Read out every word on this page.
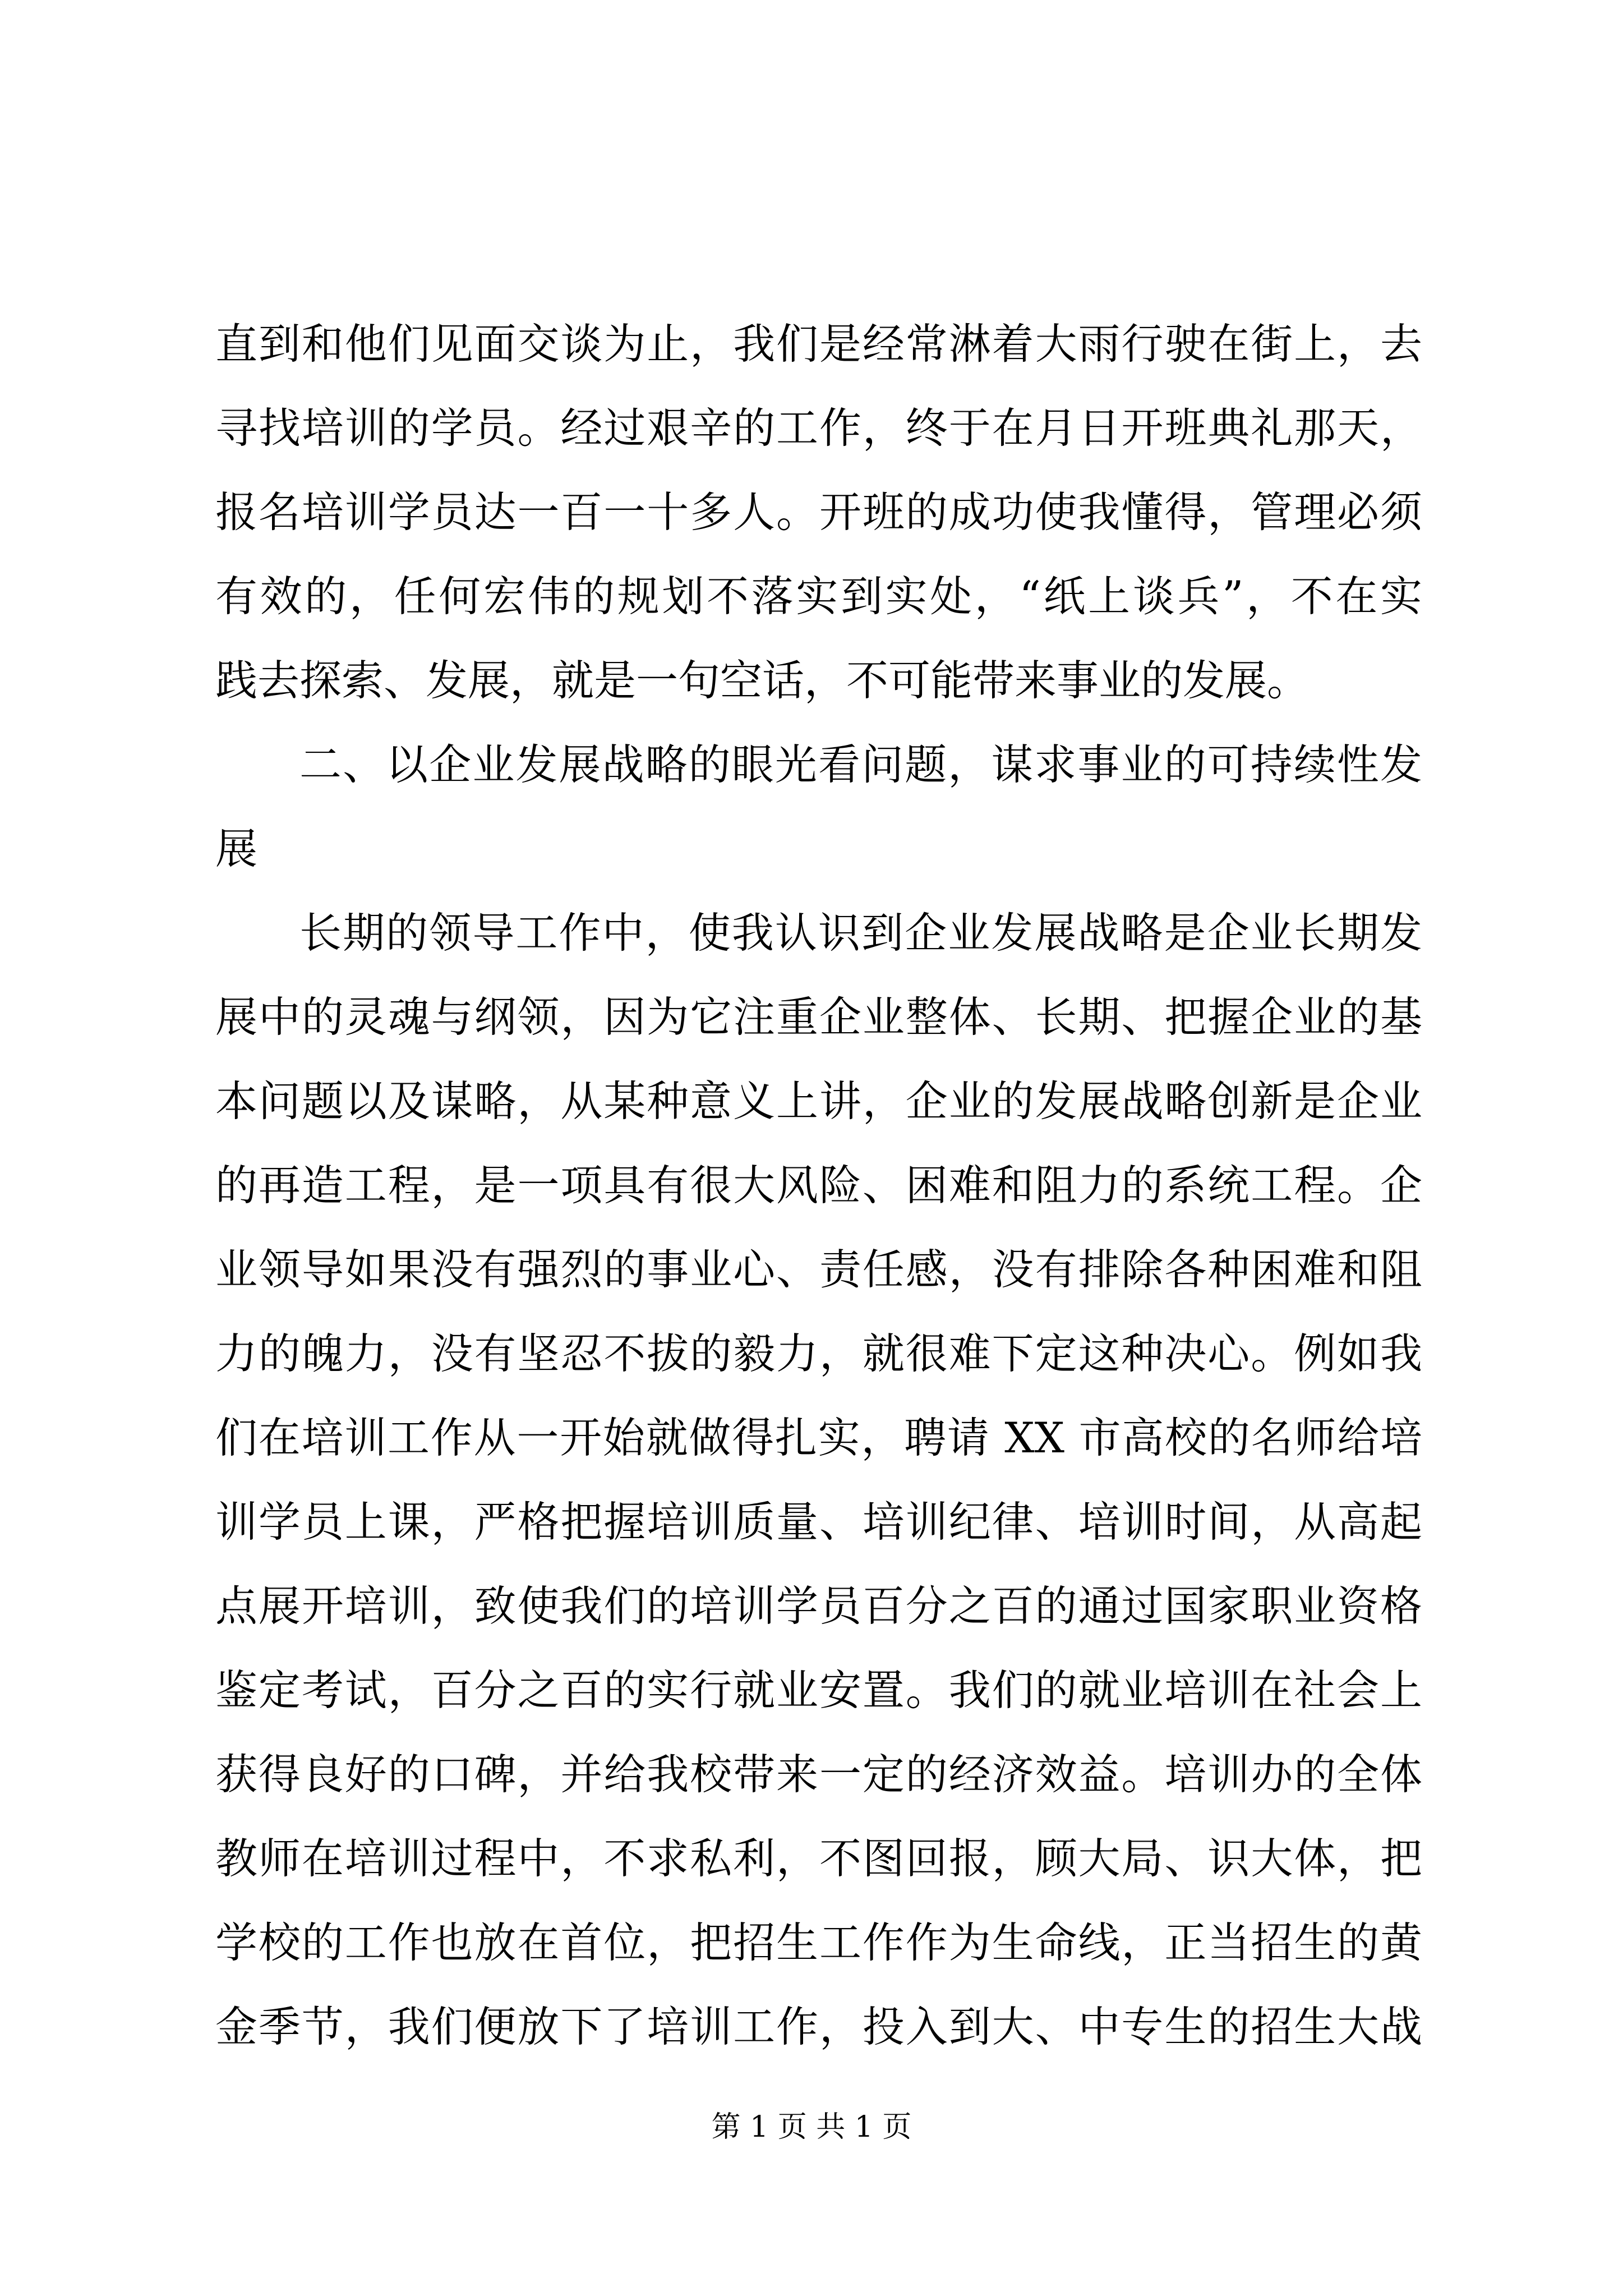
直到和他们见面交谈为止，我们是经常淋着大雨行驶在街上，去
寻找培训的学员。经过艰辛的工作，终于在月日开班典礼那天，
报名培训学员达一百一十多人。开班的成功使我懂得，管理必须
有效的，任何宏伟的规划不落实到实处，“纸上谈兵”，不在实
践去探索、发展，就是一句空话，不可能带来事业的发展。
二、以企业发展战略的眼光看问题，谋求事业的可持续性发
展
长期的领导工作中，使我认识到企业发展战略是企业长期发
展中的灵魂与纲领，因为它注重企业整体、长期、把握企业的基
本问题以及谋略，从某种意义上讲，企业的发展战略创新是企业
的再造工程，是一项具有很大风险、困难和阻力的系统工程。企
业领导如果没有强烈的事业心、责任感，没有排除各种困难和阻
力的魄力，没有坚忍不拔的毅力，就很难下定这种决心。例如我
们在培训工作从一开始就做得扎实，聘请 XX 市高校的名师给培
训学员上课，严格把握培训质量、培训纪律、培训时间，从高起
点展开培训，致使我们的培训学员百分之百的通过国家职业资格
鉴定考试，百分之百的实行就业安置。我们的就业培训在社会上
获得良好的口碑，并给我校带来一定的经济效益。培训办的全体
教师在培训过程中，不求私利，不图回报，顾大局、识大体，把
学校的工作也放在首位，把招生工作作为生命线，正当招生的黄
金季节，我们便放下了培训工作，投入到大、中专生的招生大战
第 1 页 共 1 页
